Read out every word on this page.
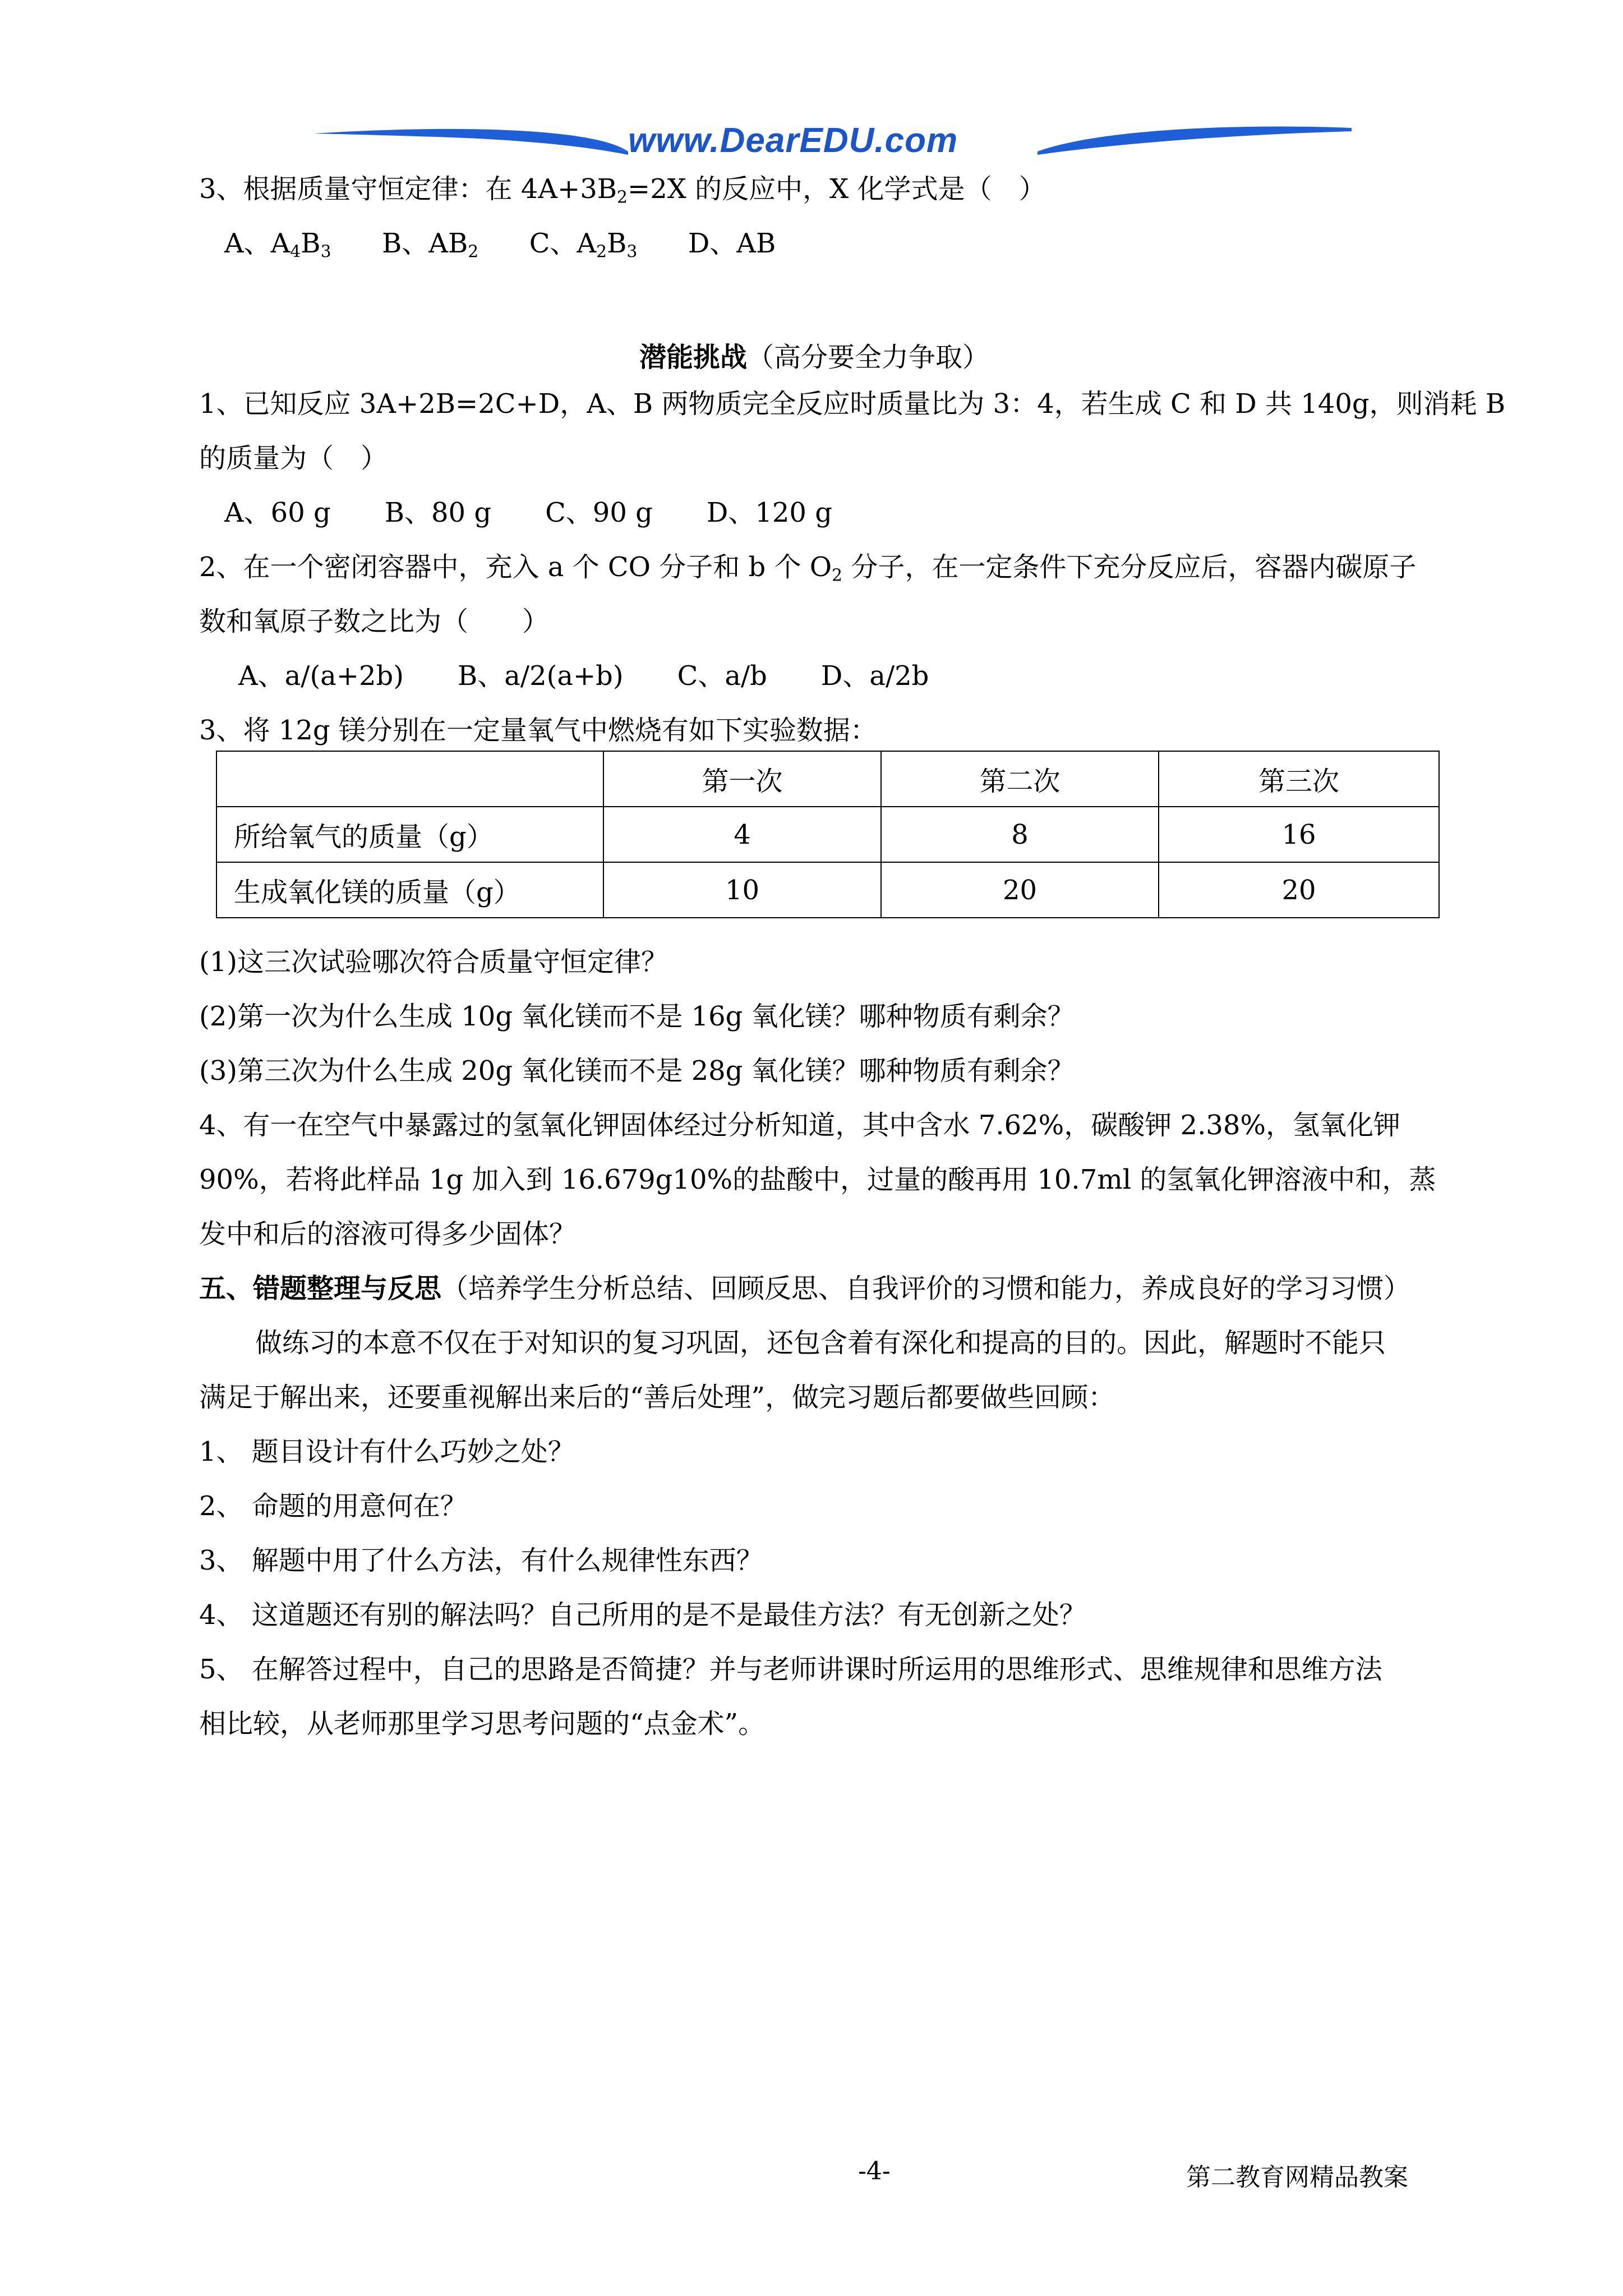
www.DearEDU.com
3、根据质量守恒定律：在 $4A+3B_2=2X$ 的反应中，X 化学式是（　）
A、$A_4B_3$ B、$AB_2$ C、$A_2B_3$ D、AB
潜能挑战（高分要全力争取）
1、已知反应 3A+2B=2C+D，A、B 两物质完全反应时质量比为 3：4，若生成 C 和 D 共 140g，则消耗 B
的质量为（　）
A、60 g　　B、80 g　　C、90 g　　D、120 g
2、在一个密闭容器中，充入 a 个 CO 分子和 b 个 $O_2$ 分子，在一定条件下充分反应后，容器内碳原子
数和氧原子数之比为（　　）
A、a/(a+2b)　　B、a/2(a+b)　　C、a/b　　D、a/2b
3、将 12g 镁分别在一定量氧气中燃烧有如下实验数据：
	第一次	第二次	第三次
所给氧气的质量（g）	4	8	16
生成氧化镁的质量（g）	10	20	20
(1)这三次试验哪次符合质量守恒定律？
(2)第一次为什么生成 10g 氧化镁而不是 16g 氧化镁？哪种物质有剩余？
(3)第三次为什么生成 20g 氧化镁而不是 28g 氧化镁？哪种物质有剩余？
4、有一在空气中暴露过的氢氧化钾固体经过分析知道，其中含水 7.62%，碳酸钾 2.38%，氢氧化钾
90%，若将此样品 1g 加入到 16.679g10%的盐酸中，过量的酸再用 10.7ml 的氢氧化钾溶液中和，蒸
发中和后的溶液可得多少固体？
五、错题整理与反思（培养学生分析总结、回顾反思、自我评价的习惯和能力，养成良好的学习习惯）
做练习的本意不仅在于对知识的复习巩固，还包含着有深化和提高的目的。因此，解题时不能只
满足于解出来，还要重视解出来后的“善后处理”，做完习题后都要做些回顾：
1、 题目设计有什么巧妙之处？
2、 命题的用意何在？
3、 解题中用了什么方法，有什么规律性东西？
4、 这道题还有别的解法吗？自己所用的是不是最佳方法？有无创新之处？
5、 在解答过程中，自己的思路是否简捷？并与老师讲课时所运用的思维形式、思维规律和思维方法
相比较，从老师那里学习思考问题的“点金术”。
-4-	第二教育网精品教案
